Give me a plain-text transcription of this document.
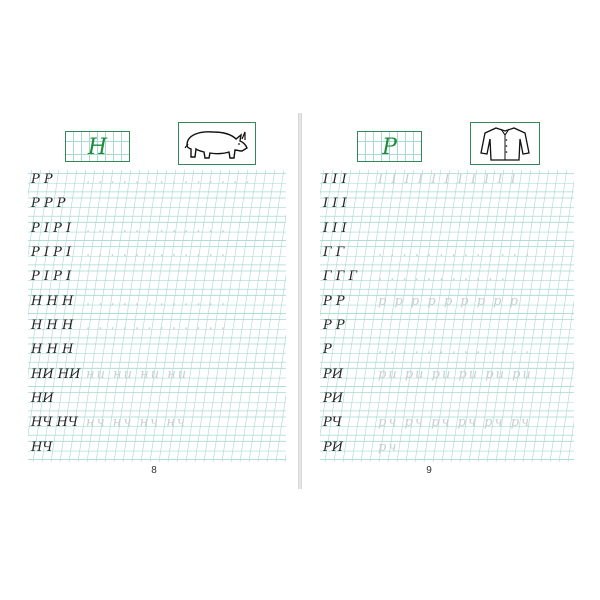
Н
Р Р	. . . . . . . . . . . . . .
Р Р Р
Р Ι Р Ι . . . . . . . . . . . .
Ρ Ι Р Ι . . . . . . . . . . . .
Ρ Ι Р Ι
Н Н Н . . . . . . . . . . . .
Н Н Н . . . . . . . . . . . .
Н Н Н
НИ НИ ни ни ни ни
НИ
НЧ НЧ нч нч нч нч
НЧ
8
Р
Ι Ι Ι Ι Ι Ι Ι Ι Ι Ι Ι Ι Ι Ι
Ι Ι Ι
Ι Ι Ι
Г Г	. . . . . . . . . . . . .
Г Г Г . . . . . . . . . . .
Р Р	р р р р р р р р р
Р Р
Р	. . . . . . . . . . . . .
РИ	ри ри ри ри ри ри
РИ
РЧ	рч рч рч рч рч рч
РИ	рч
9
